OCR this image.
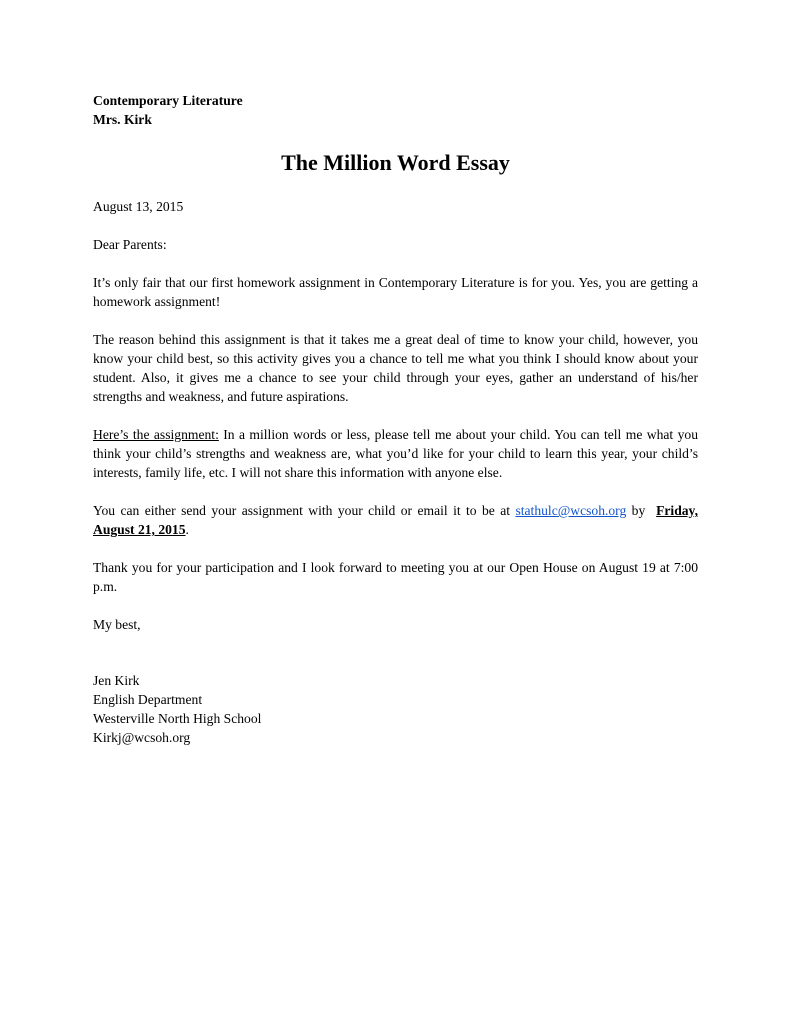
Contemporary Literature
Mrs. Kirk
The Million Word Essay

August 13, 2015

Dear Parents:

It’s only fair that our first homework assignment in Contemporary Literature is for you. Yes, you are getting a homework assignment!

The reason behind this assignment is that it takes me a great deal of time to know your child, however, you know your child best, so this activity gives you a chance to tell me what you think I should know about your student. Also, it gives me a chance to see your child through your eyes, gather an understand of his/her strengths and weakness, and future aspirations.

Here’s the assignment: In a million words or less, please tell me about your child. You can tell me what you think your child’s strengths and weakness are, what you’d like for your child to learn this year, your child’s interests, family life, etc. I will not share this information with anyone else.

You can either send your assignment with your child or email it to be at stathulc@wcsoh.org by  Friday, August 21, 2015.

Thank you for your participation and I look forward to meeting you at our Open House on August 19 at 7:00 p.m.

My best,

Jen Kirk
English Department
Westerville North High School
Kirkj@wcsoh.org
